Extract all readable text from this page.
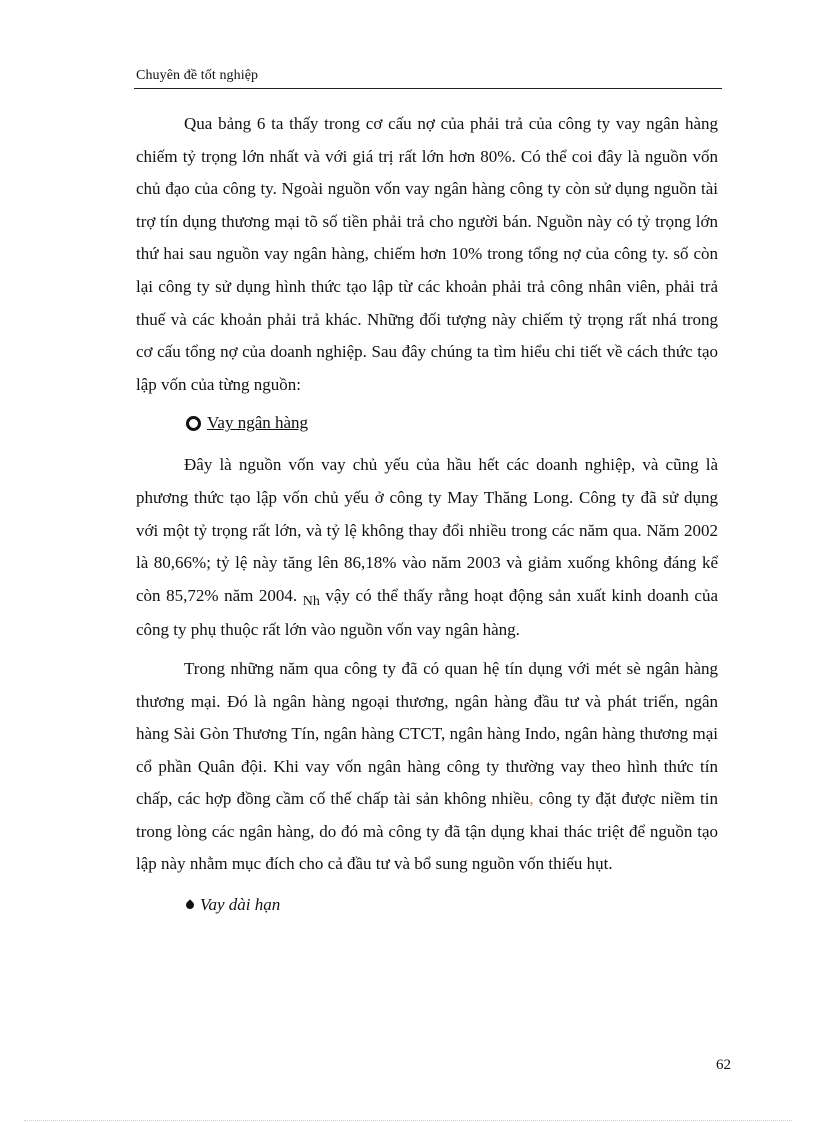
Chuyên đề tốt nghiệp

Qua bảng 6 ta thấy trong cơ cấu nợ của phải trả của công ty vay ngân hàng chiếm tỷ trọng lớn nhất và với giá trị rất lớn hơn 80%. Có thể coi đây là nguồn vốn chủ đạo của công ty. Ngoài nguồn vốn vay ngân hàng công ty còn sử dụng nguồn tài trợ tín dụng thương mại tõ số tiền phải trả cho người bán. Nguồn này có tỷ trọng lớn thứ hai sau nguồn vay ngân hàng, chiếm hơn 10% trong tổng nợ của công ty. số còn lại công ty sử dụng hình thức tạo lập từ các khoản phải trả công nhân viên, phải trả thuế và các khoản phải trả khác. Những đối tượng này chiếm tỷ trọng rất nhá trong cơ cấu tổng nợ của doanh nghiệp. Sau đây chúng ta tìm hiểu chi tiết về cách thức tạo lập vốn của từng nguồn:

Vay ngân hàng

Đây là nguồn vốn vay chủ yếu của hầu hết các doanh nghiệp, và cũng là phương thức tạo lập vốn chủ yếu ở công ty May Thăng Long. Công ty đã sử dụng với một tỷ trọng rất lớn, và tỷ lệ không thay đổi nhiều trong các năm qua. Năm 2002 là 80,66%; tỷ lệ này tăng lên 86,18% vào năm 2003 và giảm xuống không đáng kể còn 85,72% năm 2004. $_{Nh}$ vậy có thể thấy rằng hoạt động sản xuất kinh doanh của công ty phụ thuộc rất lớn vào nguồn vốn vay ngân hàng.

Trong những năm qua công ty đã có quan hệ tín dụng với mét sè ngân hàng thương mại. Đó là ngân hàng ngoại thương, ngân hàng đầu tư và phát triển, ngân hàng Sài Gòn Thương Tín, ngân hàng CTCT, ngân hàng Indo, ngân hàng thương mại cổ phần Quân đội. Khi vay vốn ngân hàng công ty thường vay theo hình thức tín chấp, các hợp đồng cầm cố thế chấp tài sản không nhiều, công ty đặt được niềm tin trong lòng các ngân hàng, do đó mà công ty đã tận dụng khai thác triệt để nguồn tạo lập này nhằm mục đích cho cả đầu tư và bổ sung nguồn vốn thiếu hụt.

Vay dài hạn
62
